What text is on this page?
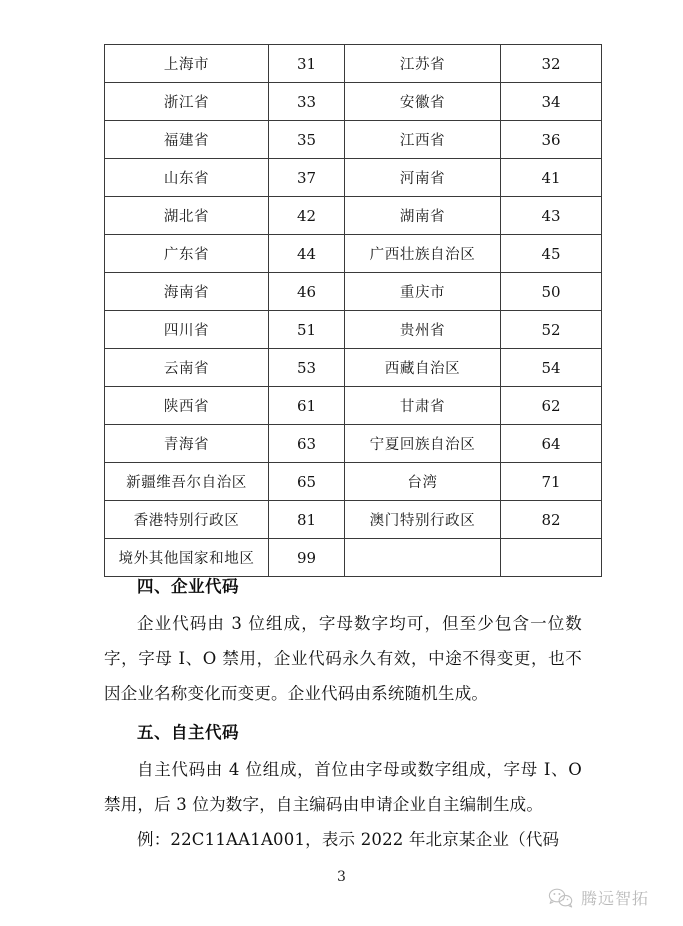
上海市	31	江苏省	32
浙江省	33	安徽省	34
福建省	35	江西省	36
山东省	37	河南省	41
湖北省	42	湖南省	43
广东省	44	广西壮族自治区	45
海南省	46	重庆市	50
四川省	51	贵州省	52
云南省	53	西藏自治区	54
陕西省	61	甘肃省	62
青海省	63	宁夏回族自治区	64
新疆维吾尔自治区	65	台湾	71
香港特别行政区	81	澳门特别行政区	82
境外其他国家和地区	99		
四、企业代码

企业代码由 3 位组成，字母数字均可，但至少包含一位数字，字母 I、O 禁用，企业代码永久有效，中途不得变更，也不因企业名称变化而变更。企业代码由系统随机生成。

五、自主代码

自主代码由 4 位组成，首位由字母或数字组成，字母 I、O 禁用，后 3 位为数字，自主编码由申请企业自主编制生成。

例：22C11AA1A001，表示 2022 年北京某企业（代码

3
腾远智拓
